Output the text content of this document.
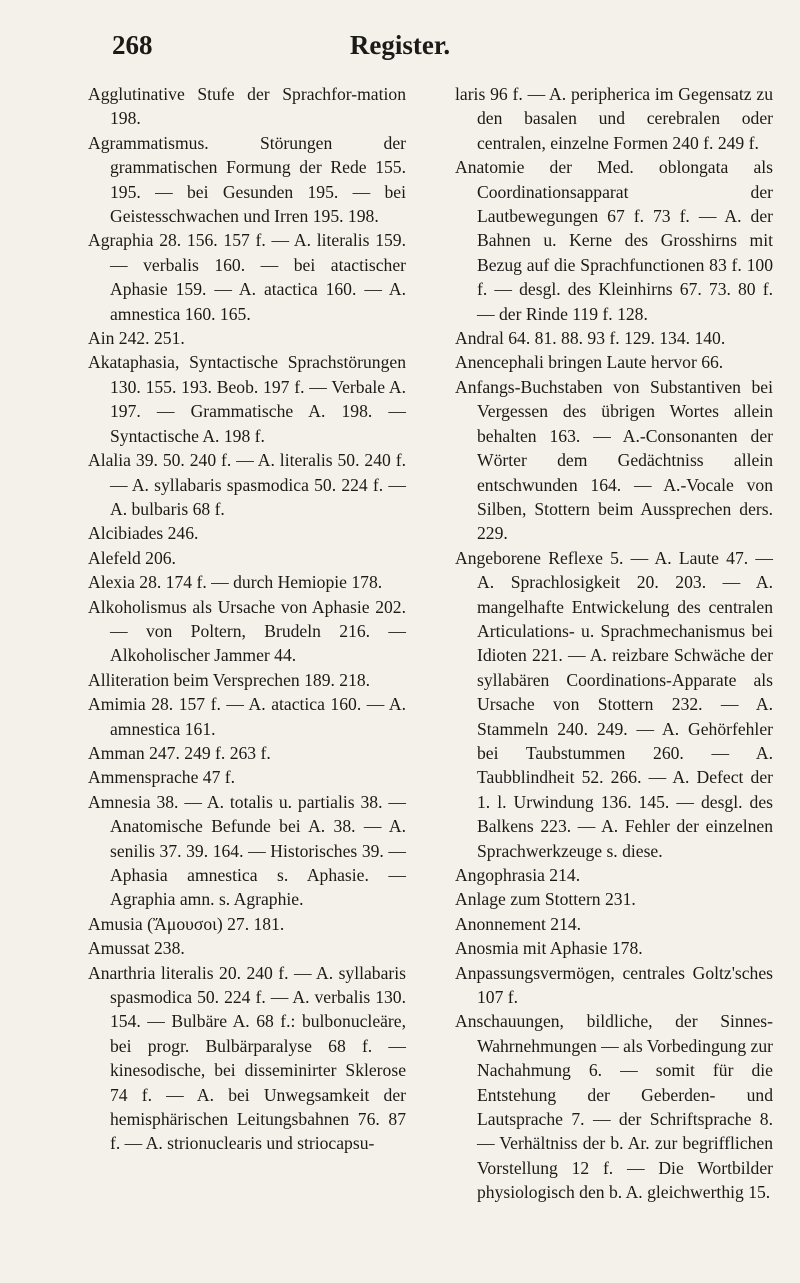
268	Register.

Agglutinative Stufe der Sprachfor-mation 198.

Agrammatismus. Störungen der grammatischen Formung der Rede 155. 195. — bei Gesunden 195. — bei Geistesschwachen und Irren 195. 198.

Agraphia 28. 156. 157 f. — A. literalis 159. — verbalis 160. — bei atactischer Aphasie 159. — A. atactica 160. — A. amnestica 160. 165.

Ain 242. 251.

Akataphasia, Syntactische Sprachstörungen 130. 155. 193. Beob. 197 f. — Verbale A. 197. — Grammatische A. 198. — Syntactische A. 198 f.

Alalia 39. 50. 240 f. — A. literalis 50. 240 f. — A. syllabaris spasmodica 50. 224 f. — A. bulbaris 68 f.

Alcibiades 246.

Alefeld 206.

Alexia 28. 174 f. — durch Hemiopie 178.

Alkoholismus als Ursache von Aphasie 202. — von Poltern, Brudeln 216. — Alkoholischer Jammer 44.

Alliteration beim Versprechen 189. 218.

Amimia 28. 157 f. — A. atactica 160. — A. amnestica 161.

Amman 247. 249 f. 263 f.

Ammensprache 47 f.

Amnesia 38. — A. totalis u. partialis 38. — Anatomische Befunde bei A. 38. — A. senilis 37. 39. 164. — Historisches 39. — Aphasia amnestica s. Aphasie. — Agraphia amn. s. Agraphie.

Amusia (Ἄμουσοι) 27. 181.

Amussat 238.

Anarthria literalis 20. 240 f. — A. syllabaris spasmodica 50. 224 f. — A. verbalis 130. 154. — Bulbäre A. 68 f.: bulbonucleäre, bei progr. Bulbärparalyse 68 f. — kinesodische, bei disseminirter Sklerose 74 f. — A. bei Unwegsamkeit der hemisphärischen Leitungsbahnen 76. 87 f. — A. strionuclearis und striocapsu-

laris 96 f. — A. peripherica im Gegensatz zu den basalen und cerebralen oder centralen, einzelne Formen 240 f. 249 f.

Anatomie der Med. oblongata als Coordinationsapparat der Lautbewegungen 67 f. 73 f. — A. der Bahnen u. Kerne des Grosshirns mit Bezug auf die Sprachfunctionen 83 f. 100 f. — desgl. des Kleinhirns 67. 73. 80 f. — der Rinde 119 f. 128.

Andral 64. 81. 88. 93 f. 129. 134. 140.

Anencephali bringen Laute hervor 66.

Anfangs-Buchstaben von Substantiven bei Vergessen des übrigen Wortes allein behalten 163. — A.-Consonanten der Wörter dem Gedächtniss allein entschwunden 164. — A.-Vocale von Silben, Stottern beim Aussprechen ders. 229.

Angeborene Reflexe 5. — A. Laute 47. — A. Sprachlosigkeit 20. 203. — A. mangelhafte Entwickelung des centralen Articulations- u. Sprachmechanismus bei Idioten 221. — A. reizbare Schwäche der syllabären Coordinations-Apparate als Ursache von Stottern 232. — A. Stammeln 240. 249. — A. Gehörfehler bei Taubstummen 260. — A. Taubblindheit 52. 266. — A. Defect der 1. l. Urwindung 136. 145. — desgl. des Balkens 223. — A. Fehler der einzelnen Sprachwerkzeuge s. diese.

Angophrasia 214.

Anlage zum Stottern 231.

Anonnement 214.

Anosmia mit Aphasie 178.

Anpassungsvermögen, centrales Goltz'sches 107 f.

Anschauungen, bildliche, der Sinnes-Wahrnehmungen — als Vorbedingung zur Nachahmung 6. — somit für die Entstehung der Geberden- und Lautsprache 7. — der Schriftsprache 8. — Verhältniss der b. Ar. zur begrifflichen Vorstellung 12 f. — Die Wortbilder physiologisch den b. A. gleichwerthig 15.
